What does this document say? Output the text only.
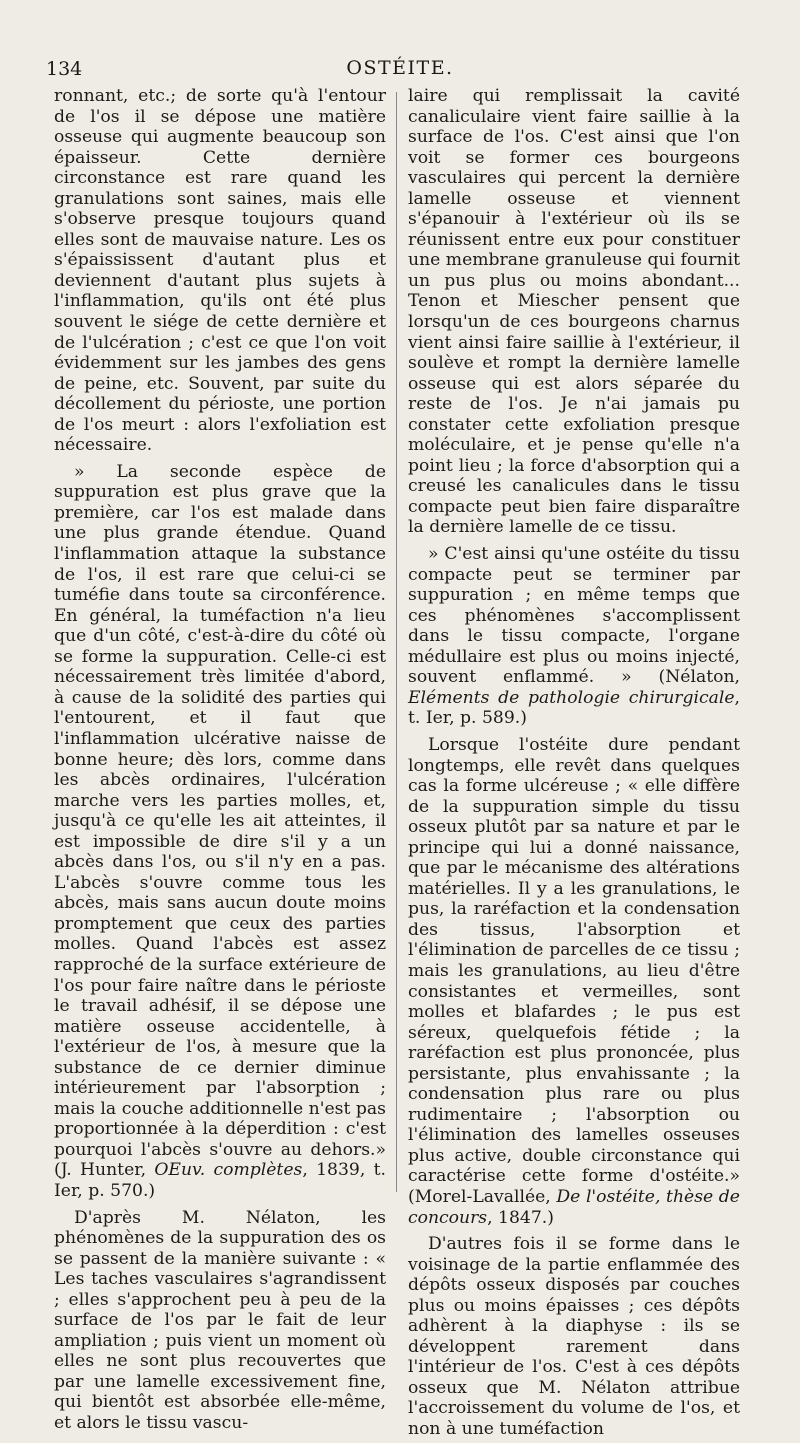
134	OSTÉITE.

ronnant, etc.; de sorte qu'à l'entour de l'os il se dépose une matière osseuse qui augmente beaucoup son épaisseur. Cette dernière circonstance est rare quand les granulations sont saines, mais elle s'observe presque toujours quand elles sont de mauvaise nature. Les os s'épaississent d'autant plus et deviennent d'autant plus sujets à l'inflammation, qu'ils ont été plus souvent le siége de cette dernière et de l'ulcération ; c'est ce que l'on voit évidemment sur les jambes des gens de peine, etc. Souvent, par suite du décollement du périoste, une portion de l'os meurt : alors l'exfoliation est nécessaire.

» La seconde espèce de suppuration est plus grave que la première, car l'os est malade dans une plus grande étendue. Quand l'inflammation attaque la substance de l'os, il est rare que celui-ci se tuméfie dans toute sa circonférence. En général, la tuméfaction n'a lieu que d'un côté, c'est-à-dire du côté où se forme la suppuration. Celle-ci est nécessairement très limitée d'abord, à cause de la solidité des parties qui l'entourent, et il faut que l'inflammation ulcérative naisse de bonne heure; dès lors, comme dans les abcès ordinaires, l'ulcération marche vers les parties molles, et, jusqu'à ce qu'elle les ait atteintes, il est impossible de dire s'il y a un abcès dans l'os, ou s'il n'y en a pas. L'abcès s'ouvre comme tous les abcès, mais sans aucun doute moins promptement que ceux des parties molles. Quand l'abcès est assez rapproché de la surface extérieure de l'os pour faire naître dans le périoste le travail adhésif, il se dépose une matière osseuse accidentelle, à l'extérieur de l'os, à mesure que la substance de ce dernier diminue intérieurement par l'absorption ; mais la couche additionnelle n'est pas proportionnée à la déperdition : c'est pourquoi l'abcès s'ouvre au dehors.» (J. Hunter, OEuv. complètes, 1839, t. Ier, p. 570.)

D'après M. Nélaton, les phénomènes de la suppuration des os se passent de la manière suivante : « Les taches vasculaires s'agrandissent ; elles s'approchent peu à peu de la surface de l'os par le fait de leur ampliation ; puis vient un moment où elles ne sont plus recouvertes que par une lamelle excessivement fine, qui bientôt est absorbée elle-même, et alors le tissu vascu-

laire qui remplissait la cavité canaliculaire vient faire saillie à la surface de l'os. C'est ainsi que l'on voit se former ces bourgeons vasculaires qui percent la dernière lamelle osseuse et viennent s'épanouir à l'extérieur où ils se réunissent entre eux pour constituer une membrane granuleuse qui fournit un pus plus ou moins abondant... Tenon et Miescher pensent que lorsqu'un de ces bourgeons charnus vient ainsi faire saillie à l'extérieur, il soulève et rompt la dernière lamelle osseuse qui est alors séparée du reste de l'os. Je n'ai jamais pu constater cette exfoliation presque moléculaire, et je pense qu'elle n'a point lieu ; la force d'absorption qui a creusé les canalicules dans le tissu compacte peut bien faire disparaître la dernière lamelle de ce tissu.

» C'est ainsi qu'une ostéite du tissu compacte peut se terminer par suppuration ; en même temps que ces phénomènes s'accomplissent dans le tissu compacte, l'organe médullaire est plus ou moins injecté, souvent enflammé. » (Nélaton, Eléments de pathologie chirurgicale, t. Ier, p. 589.)

Lorsque l'ostéite dure pendant longtemps, elle revêt dans quelques cas la forme ulcéreuse ; « elle diffère de la suppuration simple du tissu osseux plutôt par sa nature et par le principe qui lui a donné naissance, que par le mécanisme des altérations matérielles. Il y a les granulations, le pus, la raréfaction et la condensation des tissus, l'absorption et l'élimination de parcelles de ce tissu ; mais les granulations, au lieu d'être consistantes et vermeilles, sont molles et blafardes ; le pus est séreux, quelquefois fétide ; la raréfaction est plus prononcée, plus persistante, plus envahissante ; la condensation plus rare ou plus rudimentaire ; l'absorption ou l'élimination des lamelles osseuses plus active, double circonstance qui caractérise cette forme d'ostéite.» (Morel-Lavallée, De l'ostéite, thèse de concours, 1847.)

D'autres fois il se forme dans le voisinage de la partie enflammée des dépôts osseux disposés par couches plus ou moins épaisses ; ces dépôts adhèrent à la diaphyse : ils se développent rarement dans l'intérieur de l'os. C'est à ces dépôts osseux que M. Nélaton attribue l'accroissement du volume de l'os, et non à une tuméfaction
